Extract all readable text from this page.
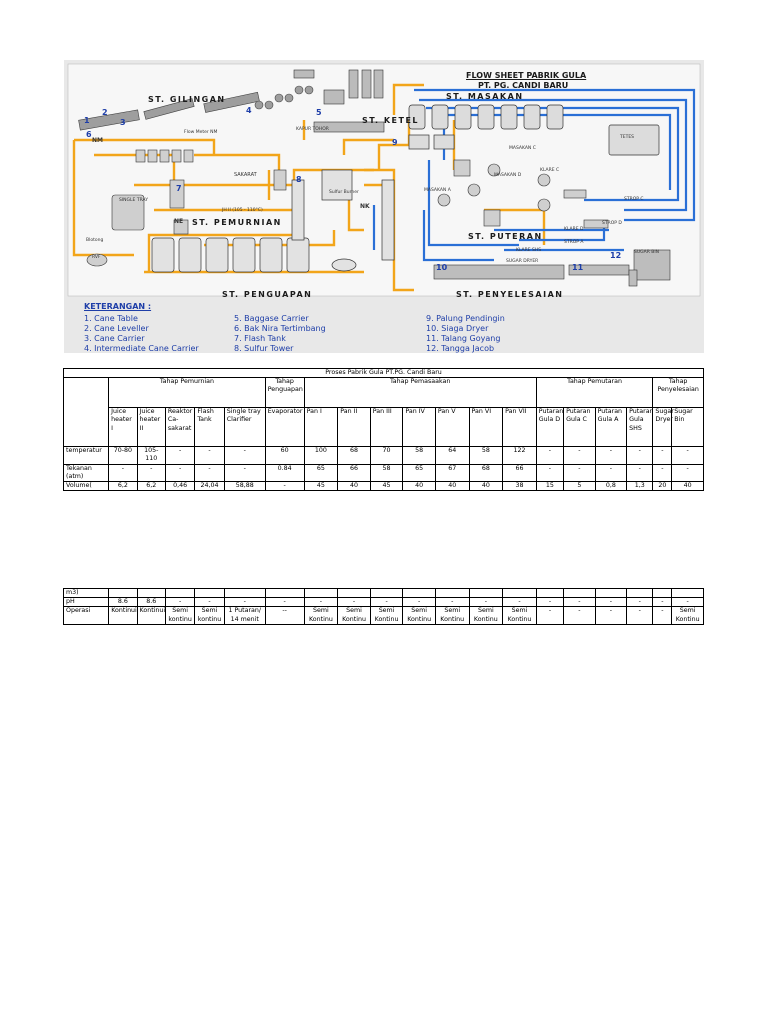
ST. GILINGAN
ST. KETEL
ST. MASAKAN
ST. PEMURNIAN
ST. PENGUAPAN
ST. PUTERAN
ST. PENYELESAIAN
FLOW SHEET PABRIK GULA
PT. PG. CANDI BARU
NM
NK
NE
KAPUR TOHOR
Flow Meter NM
SAKARAT
JH II (105 - 110°C)
SINGLE TRAY
RVF
Blotong
Sulfur Burner
TETES
KLARE C
KLARE D
KLARE SHS
STROP A
STROP C
STROP D
SUGAR DRYER
SUGAR BIN
MASAKAN A
MASAKAN C
MASAKAN D
1
2
3
4	5
6
7
8
9
10	11
12
KETERANGAN :
1. Cane Table
2. Cane Leveller
3. Cane Carrier
4. Intermediate Cane Carrier
5. Baggase Carrier
6. Bak Nira Tertimbang
7. Flash Tank
8. Sulfur Tower
9. Palung Pendingin
10. Siaga Dryer
11. Talang Goyang
12. Tangga Jacob
Proses Pabrik Gula PT.PG. Candi Baru																			
	Tahap Pemurnian					Tahap Penguapan	Tahap Pemasaakan							Tahap Pemutaran				Tahap Penyelesaian	
	Juice heater I	Juice heater II	Reaktor Ca-sakarat	Flash Tank	Single tray Clarifier	Evaporator	Pan I	Pan II	Pan III	Pan IV	Pan V	Pan VI	Pan VII	Putaran Gula D	Putaran Gula C	Putaran Gula A	Putaran Gula SHS	Sugar Dryer	Sugar Bin
temperatur	70-80	105-110	-	-	-	60	100	68	70	58	64	58	122	-	-	-	-	-	-
Tekanan (atm)	-	-	-	-	-	0.84	65	66	58	65	67	68	66	-	-	-	-	-	-
Volume(	6,2	6,2	0,46	24,04	58,88	-	45	40	45	40	40	40	38	15	5	0,8	1,3	20	40
m3)																			
pH	8.6	8.6	-	-	-	-	-	-	-	-	-	-	-	-	-	-	-	-	-
Operasi	Kontinui	Kontinui	Semi kontinu	Semi kontinu	1 Putaran/ 14 menit	--	Semi Kontinu	Semi Kontinu	Semi Kontinu	Semi Kontinu	Semi Kontinu	Semi Kontinu	Semi Kontinu	-	-	-	-	-	Semi Kontinu
